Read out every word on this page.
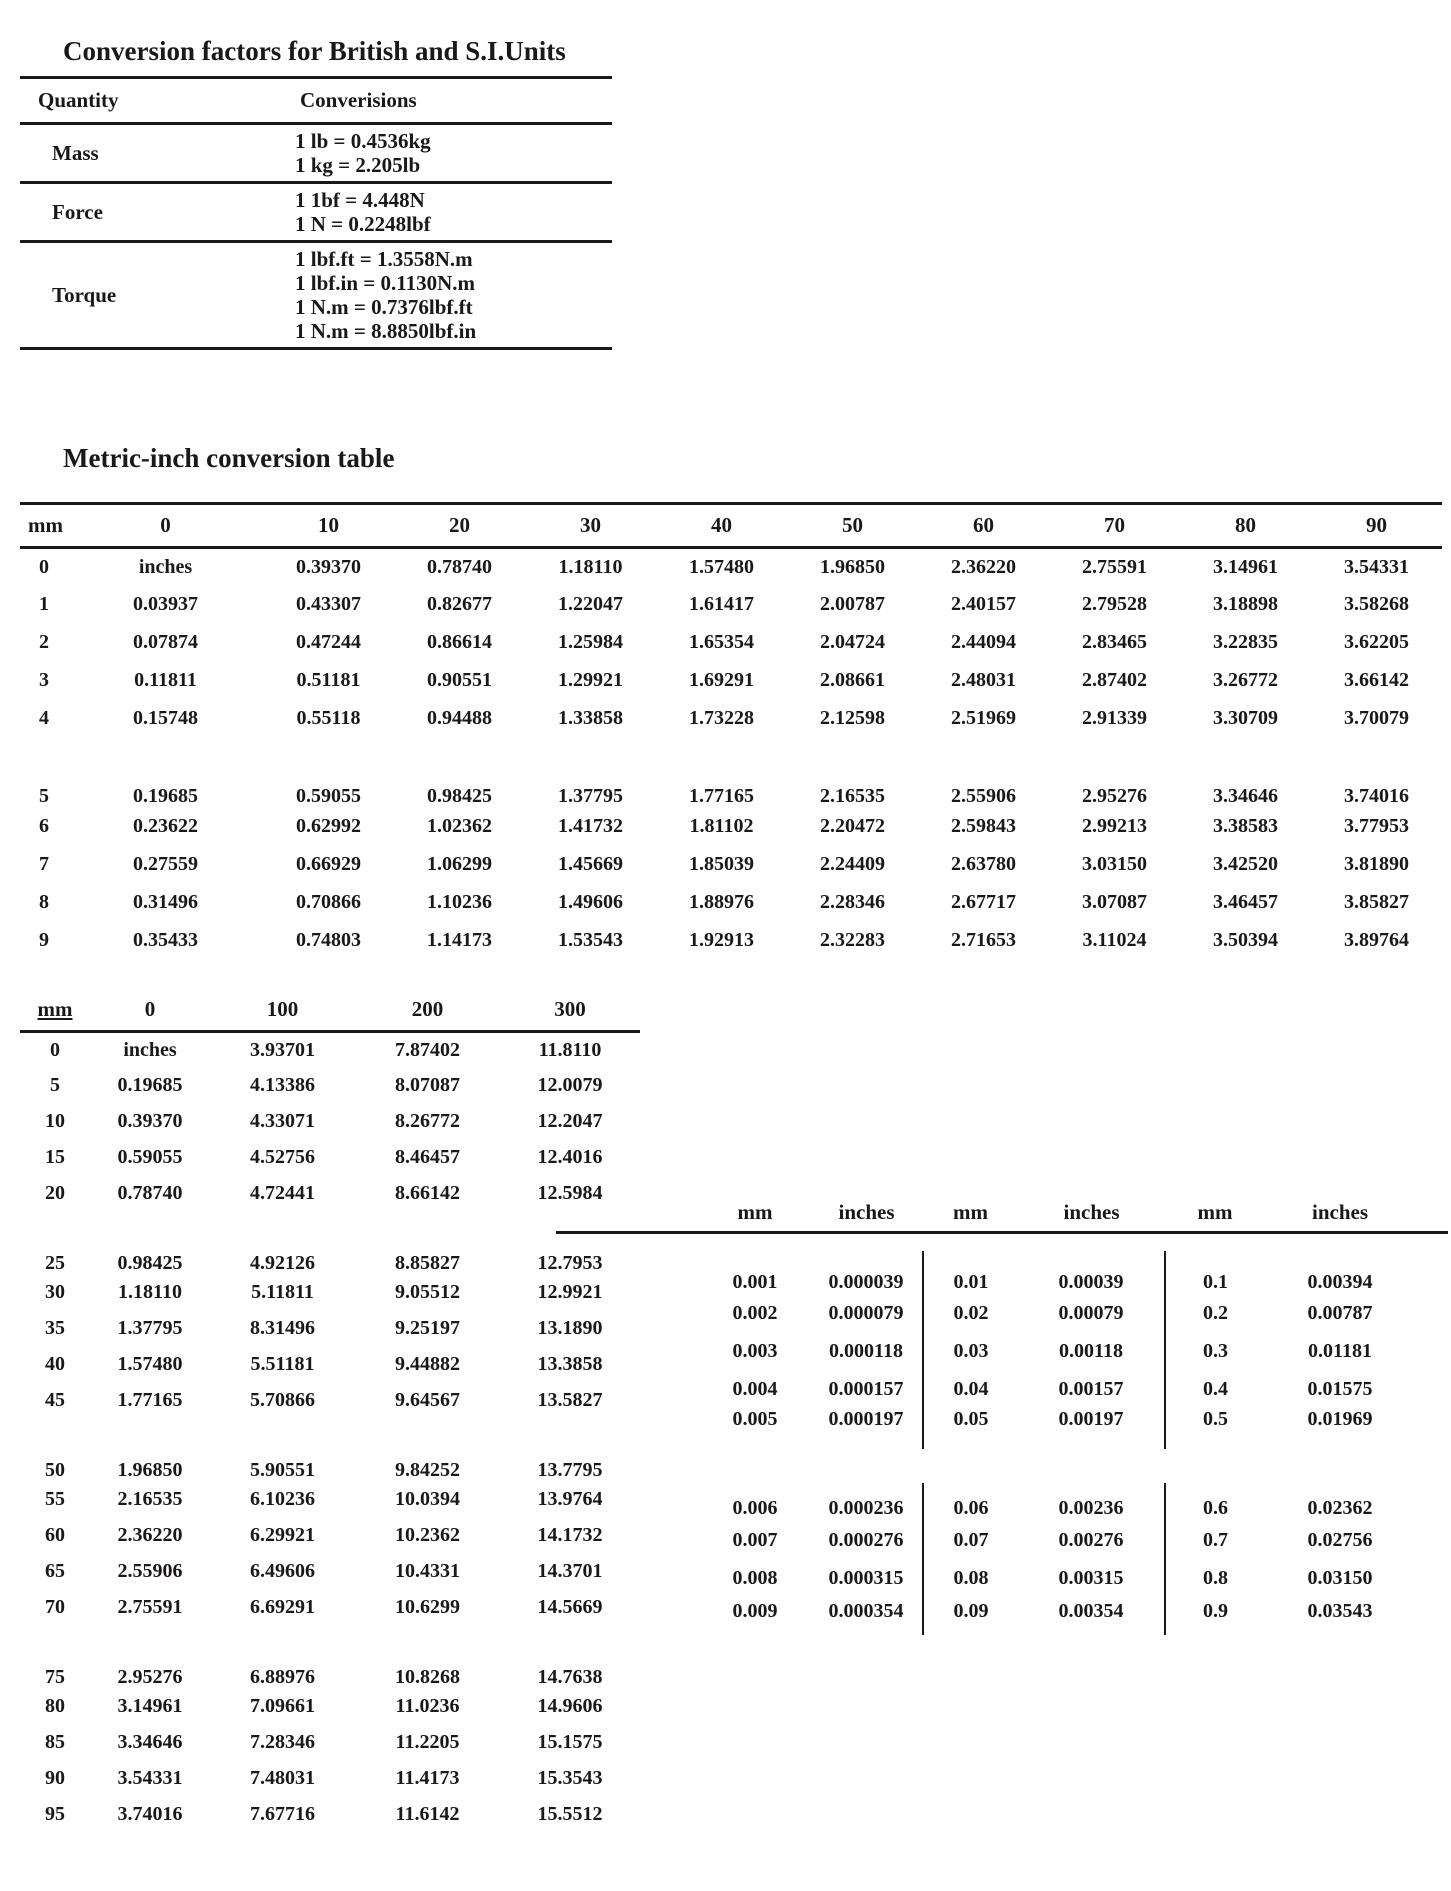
Conversion factors for British and S.I.Units
Quantity	Converisions
Mass	1 lb = 0.4536kg
1 kg = 2.205lb

Force	1 1bf = 4.448N
1 N = 0.2248lbf

Torque	1 lbf.ft = 1.3558N.m
1 lbf.in = 0.1130N.m
1 N.m = 0.7376lbf.ft
1 N.m = 8.8850lbf.in
Metric-inch conversion table
mm	0	10	20	30	40	50	60	70	80	90
0	inches	0.39370	0.78740	1.18110	1.57480	1.96850	2.36220	2.75591	3.14961	3.54331
1	0.03937	0.43307	0.82677	1.22047	1.61417	2.00787	2.40157	2.79528	3.18898	3.58268
2	0.07874	0.47244	0.86614	1.25984	1.65354	2.04724	2.44094	2.83465	3.22835	3.62205
3	0.11811	0.51181	0.90551	1.29921	1.69291	2.08661	2.48031	2.87402	3.26772	3.66142
4	0.15748	0.55118	0.94488	1.33858	1.73228	2.12598	2.51969	2.91339	3.30709	3.70079
5	0.19685	0.59055	0.98425	1.37795	1.77165	2.16535	2.55906	2.95276	3.34646	3.74016
6	0.23622	0.62992	1.02362	1.41732	1.81102	2.20472	2.59843	2.99213	3.38583	3.77953
7	0.27559	0.66929	1.06299	1.45669	1.85039	2.24409	2.63780	3.03150	3.42520	3.81890
8	0.31496	0.70866	1.10236	1.49606	1.88976	2.28346	2.67717	3.07087	3.46457	3.85827
9	0.35433	0.74803	1.14173	1.53543	1.92913	2.32283	2.71653	3.11024	3.50394	3.89764
mm	0	100	200	300
0	inches	3.93701	7.87402	11.8110
5	0.19685	4.13386	8.07087	12.0079
10	0.39370	4.33071	8.26772	12.2047
15	0.59055	4.52756	8.46457	12.4016
20	0.78740	4.72441	8.66142	12.5984
25	0.98425	4.92126	8.85827	12.7953
30	1.18110	5.11811	9.05512	12.9921
35	1.37795	8.31496	9.25197	13.1890
40	1.57480	5.51181	9.44882	13.3858
45	1.77165	5.70866	9.64567	13.5827
50	1.96850	5.90551	9.84252	13.7795
55	2.16535	6.10236	10.0394	13.9764
60	2.36220	6.29921	10.2362	14.1732
65	2.55906	6.49606	10.4331	14.3701
70	2.75591	6.69291	10.6299	14.5669
75	2.95276	6.88976	10.8268	14.7638
80	3.14961	7.09661	11.0236	14.9606
85	3.34646	7.28346	11.2205	15.1575
90	3.54331	7.48031	11.4173	15.3543
95	3.74016	7.67716	11.6142	15.5512
mm	inches	mm	inches	mm	inches
0.001	0.000039	0.01	0.00039	0.1	0.00394
0.002	0.000079	0.02	0.00079	0.2	0.00787
0.003	0.000118	0.03	0.00118	0.3	0.01181
0.004	0.000157	0.04	0.00157	0.4	0.01575
0.005	0.000197	0.05	0.00197	0.5	0.01969
0.006	0.000236	0.06	0.00236	0.6	0.02362
0.007	0.000276	0.07	0.00276	0.7	0.02756
0.008	0.000315	0.08	0.00315	0.8	0.03150
0.009	0.000354	0.09	0.00354	0.9	0.03543
